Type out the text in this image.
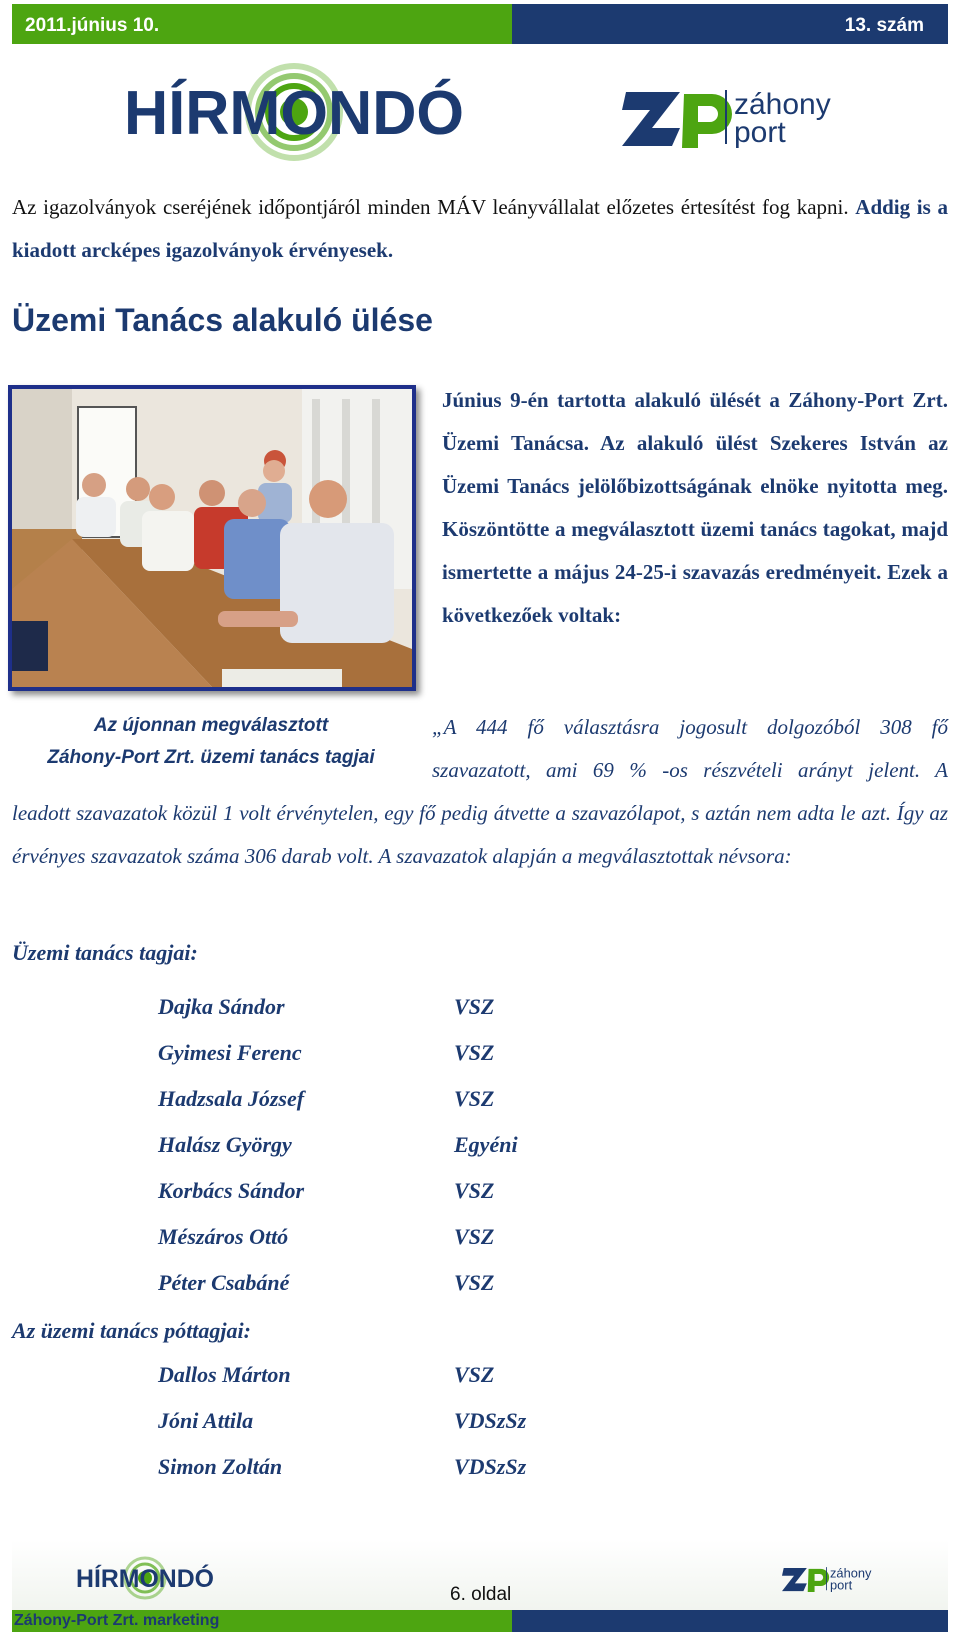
2011.június 10.	13. szám
HÍRMONDÓ	záhony
port

Az igazolványok cseréjének időpontjáról minden MÁV leányvállalat előzetes értesítést fog kapni. Addig is a kiadott arcképes igazolványok érvényesek.

Üzemi Tanács alakuló ülése

Június 9-én tartotta alakuló ülését a Záhony-Port Zrt. Üzemi Tanácsa. Az alakuló ülést Szekeres István az Üzemi Tanács jelölőbizottságának elnöke nyitotta meg. Köszöntötte a megválasztott üzemi tanács tagokat, majd ismertette a május 24-25-i szavazás eredményeit. Ezek a következőek voltak:

Az újonnan megválasztott
Záhony-Port Zrt. üzemi tanács tagjai

„A 444 fő választásra jogosult dolgozóból 308 fő szavazatott, ami 69 % -os részvételi arányt jelent. A

leadott szavazatok közül 1 volt érvénytelen, egy fő pedig átvette a szavazólapot, s aztán nem adta le azt. Így az érvényes szavazatok száma 306 darab volt. A szavazatok alapján a megválasztottak névsora:

Üzemi tanács tagjai:
Dajka Sándor	VSZ
Gyimesi Ferenc	VSZ
Hadzsala József	VSZ
Halász György	Egyéni
Korbács Sándor	VSZ
Mészáros Ottó	VSZ
Péter Csabáné	VSZ
Az üzemi tanács póttagjai:
Dallos Márton	VSZ
Jóni Attila	VDSzSz
Simon Zoltán	VDSzSz
HÍRMONDÓ
6. oldal
záhony
port
Záhony-Port Zrt. marketing
